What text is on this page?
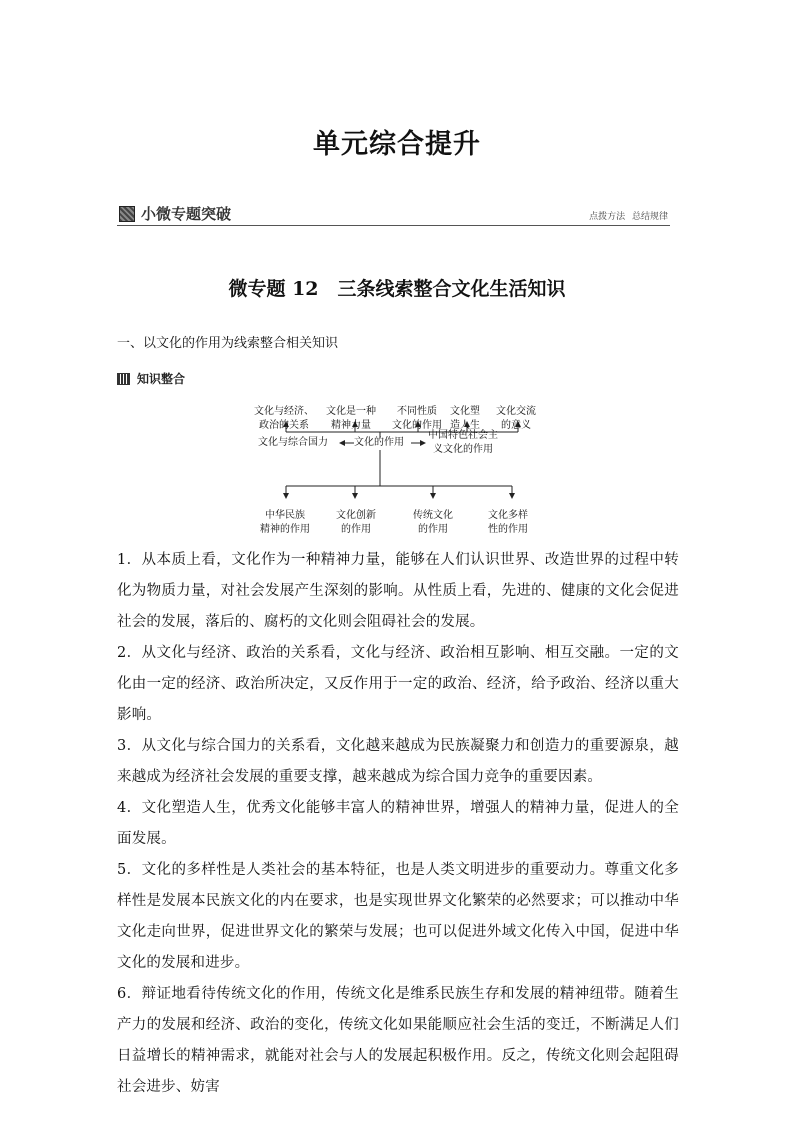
单元综合提升
小微专题突破	点拨方法 总结规律
微专题 12　三条线索整合文化生活知识
一、以文化的作用为线索整合相关知识
知识整合
文化与经济、
政治的关系
文化是一种
精神力量
不同性质
文化的作用
文化塑
造人生
文化交流
的意义
文化与综合国力	文化的作用
中国特色社会主
义文化的作用
中华民族
精神的作用
文化创新
的作用
传统文化
的作用
文化多样
性的作用

1．从本质上看，文化作为一种精神力量，能够在人们认识世界、改造世界的过程中转化为物质力量，对社会发展产生深刻的影响。从性质上看，先进的、健康的文化会促进社会的发展，落后的、腐朽的文化则会阻碍社会的发展。

2．从文化与经济、政治的关系看，文化与经济、政治相互影响、相互交融。一定的文化由一定的经济、政治所决定，又反作用于一定的政治、经济，给予政治、经济以重大影响。

3．从文化与综合国力的关系看，文化越来越成为民族凝聚力和创造力的重要源泉，越来越成为经济社会发展的重要支撑，越来越成为综合国力竞争的重要因素。

4．文化塑造人生，优秀文化能够丰富人的精神世界，增强人的精神力量，促进人的全面发展。

5．文化的多样性是人类社会的基本特征，也是人类文明进步的重要动力。尊重文化多样性是发展本民族文化的内在要求，也是实现世界文化繁荣的必然要求；可以推动中华文化走向世界，促进世界文化的繁荣与发展；也可以促进外域文化传入中国，促进中华文化的发展和进步。

6．辩证地看待传统文化的作用，传统文化是维系民族生存和发展的精神纽带。随着生产力的发展和经济、政治的变化，传统文化如果能顺应社会生活的变迁，不断满足人们日益增长的精神需求，就能对社会与人的发展起积极作用。反之，传统文化则会起阻碍社会进步、妨害
